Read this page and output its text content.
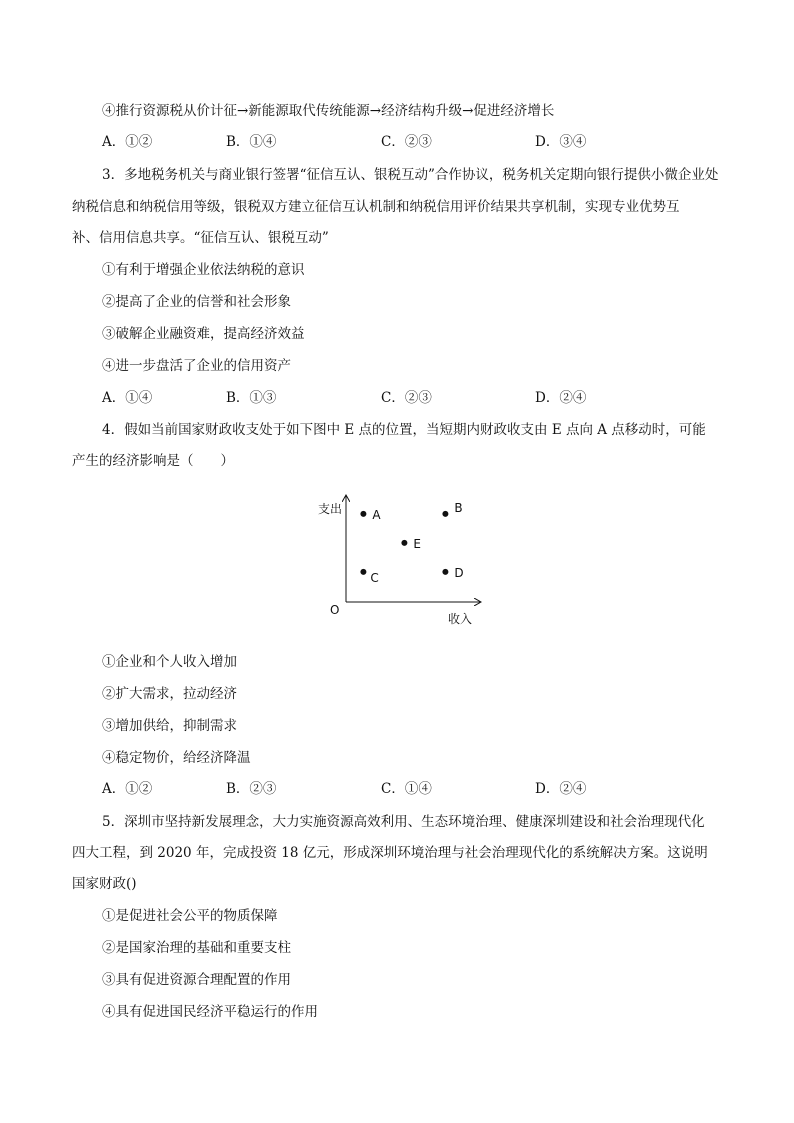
④推行资源税从价计征→新能源取代传统能源→经济结构升级→促进经济增长
A．①②	B．①④	C．②③	D．③④
3．多地税务机关与商业银行签署“征信互认、银税互动”合作协议，税务机关定期向银行提供小微企业处
纳税信息和纳税信用等级，银税双方建立征信互认机制和纳税信用评价结果共享机制，实现专业优势互
补、信用信息共享。“征信互认、银税互动”
①有利于增强企业依法纳税的意识
②提高了企业的信誉和社会形象
③破解企业融资难，提高经济效益
④进一步盘活了企业的信用资产
A．①④	B．①③	C．②③	D．②④
4．假如当前国家财政收支处于如下图中 E 点的位置，当短期内财政收支由 E 点向 A 点移动时，可能
产生的经济影响是（　　）
支出
收入
O
A	B
E
C	D
①企业和个人收入增加
②扩大需求，拉动经济
③增加供给，抑制需求
④稳定物价，给经济降温
A．①②	B．②③	C．①④	D．②④
5．深圳市坚持新发展理念，大力实施资源高效利用、生态环境治理、健康深圳建设和社会治理现代化
四大工程，到 2020 年，完成投资 18 亿元，形成深圳环境治理与社会治理现代化的系统解决方案。这说明
国家财政()
①是促进社会公平的物质保障
②是国家治理的基础和重要支柱
③具有促进资源合理配置的作用
④具有促进国民经济平稳运行的作用
